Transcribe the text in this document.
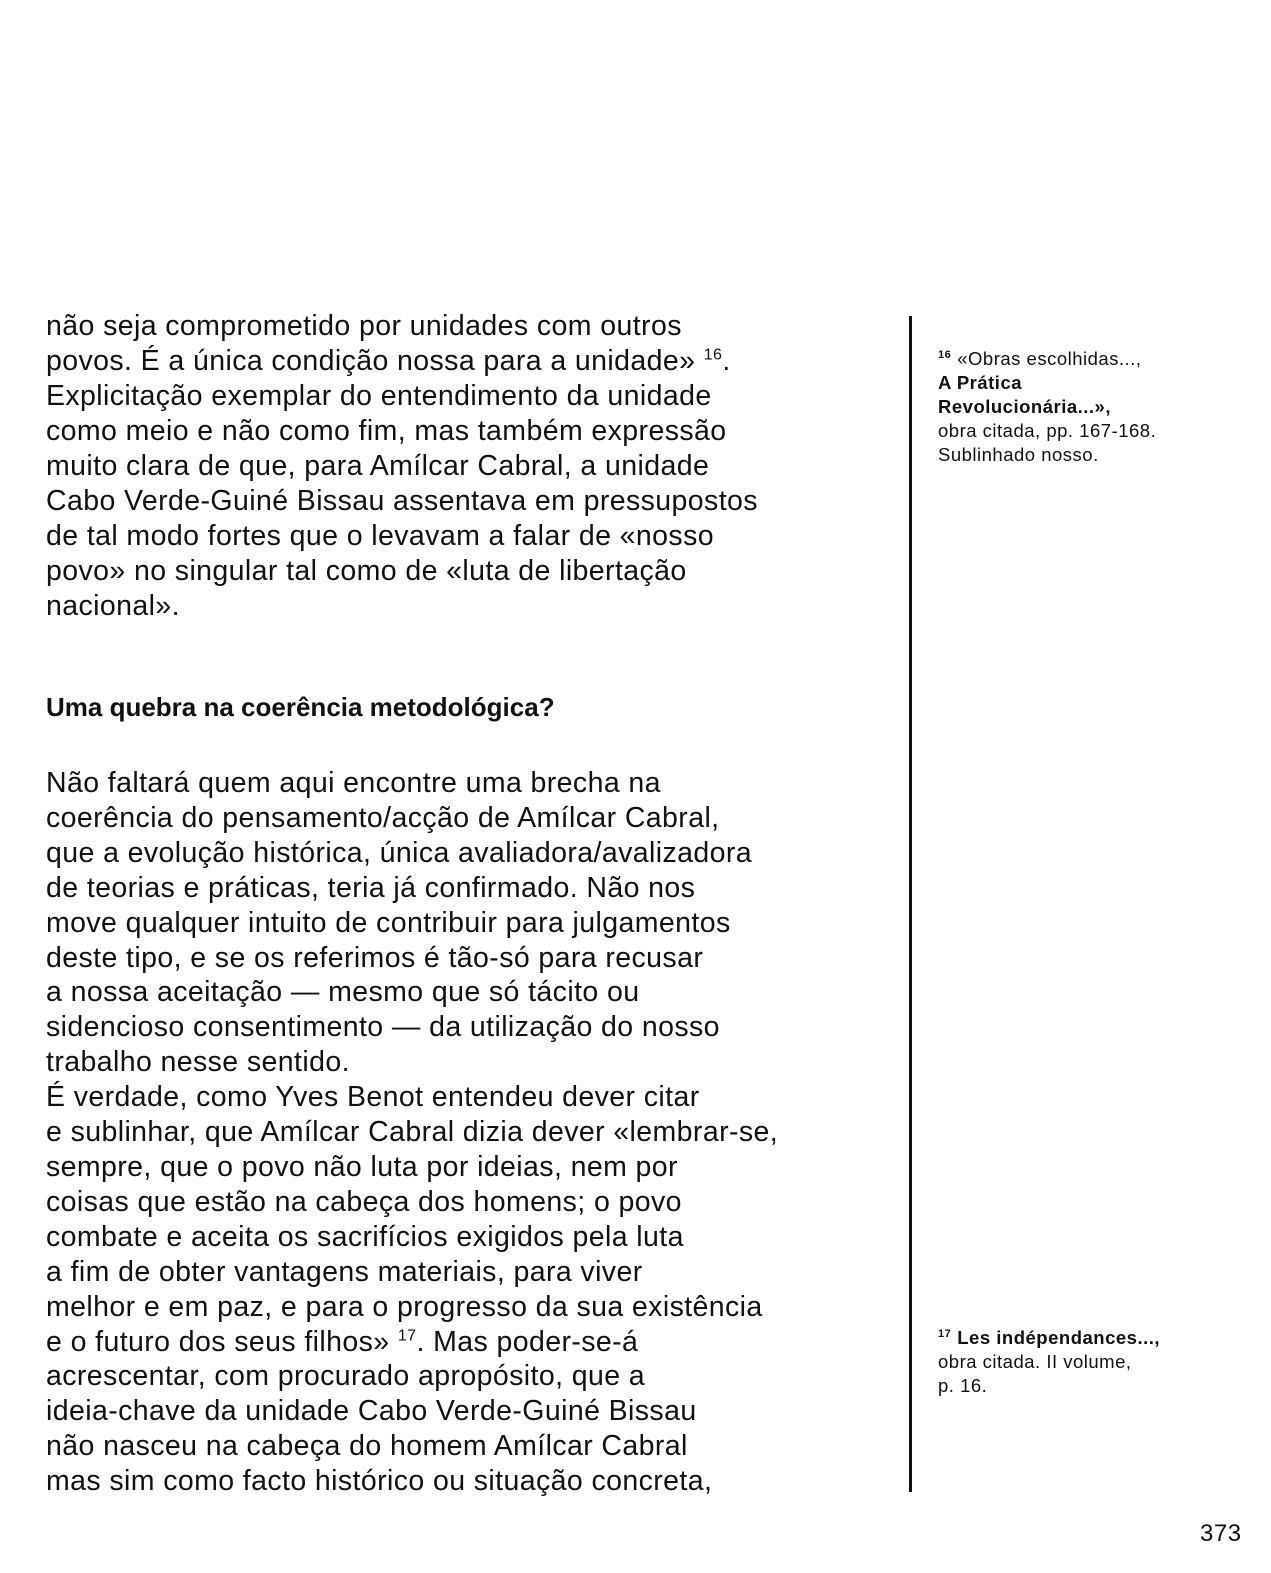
não seja comprometido por unidades com outros
povos. É a única condição nossa para a unidade» $^{16}$.
Explicitação exemplar do entendimento da unidade
como meio e não como fim, mas também expressão
muito clara de que, para Amílcar Cabral, a unidade
Cabo Verde-Guiné Bissau assentava em pressupostos
de tal modo fortes que o levavam a falar de «nosso
povo» no singular tal como de «luta de libertação
nacional».
Uma quebra na coerência metodológica?
Não faltará quem aqui encontre uma brecha na
coerência do pensamento/acção de Amílcar Cabral,
que a evolução histórica, única avaliadora/avalizadora
de teorias e práticas, teria já confirmado. Não nos
move qualquer intuito de contribuir para julgamentos
deste tipo, e se os referimos é tão-só para recusar
a nossa aceitação — mesmo que só tácito ou
sidencioso consentimento — da utilização do nosso
trabalho nesse sentido.
É verdade, como Yves Benot entendeu dever citar
e sublinhar, que Amílcar Cabral dizia dever «lembrar-se,
sempre, que o povo não luta por ideias, nem por
coisas que estão na cabeça dos homens; o povo
combate e aceita os sacrifícios exigidos pela luta
a fim de obter vantagens materiais, para viver
melhor e em paz, e para o progresso da sua existência
e o futuro dos seus filhos» $^{17}$. Mas poder-se-á
acrescentar, com procurado apropósito, que a
ideia-chave da unidade Cabo Verde-Guiné Bissau
não nasceu na cabeça do homem Amílcar Cabral
mas sim como facto histórico ou situação concreta,
$^{16}$ «Obras escolhidas...,
A Prática
Revolucionária...»,
obra citada, pp. 167-168.
Sublinhado nosso.
$^{17}$ Les indépendances...,
obra citada. II volume,
p. 16.
373
